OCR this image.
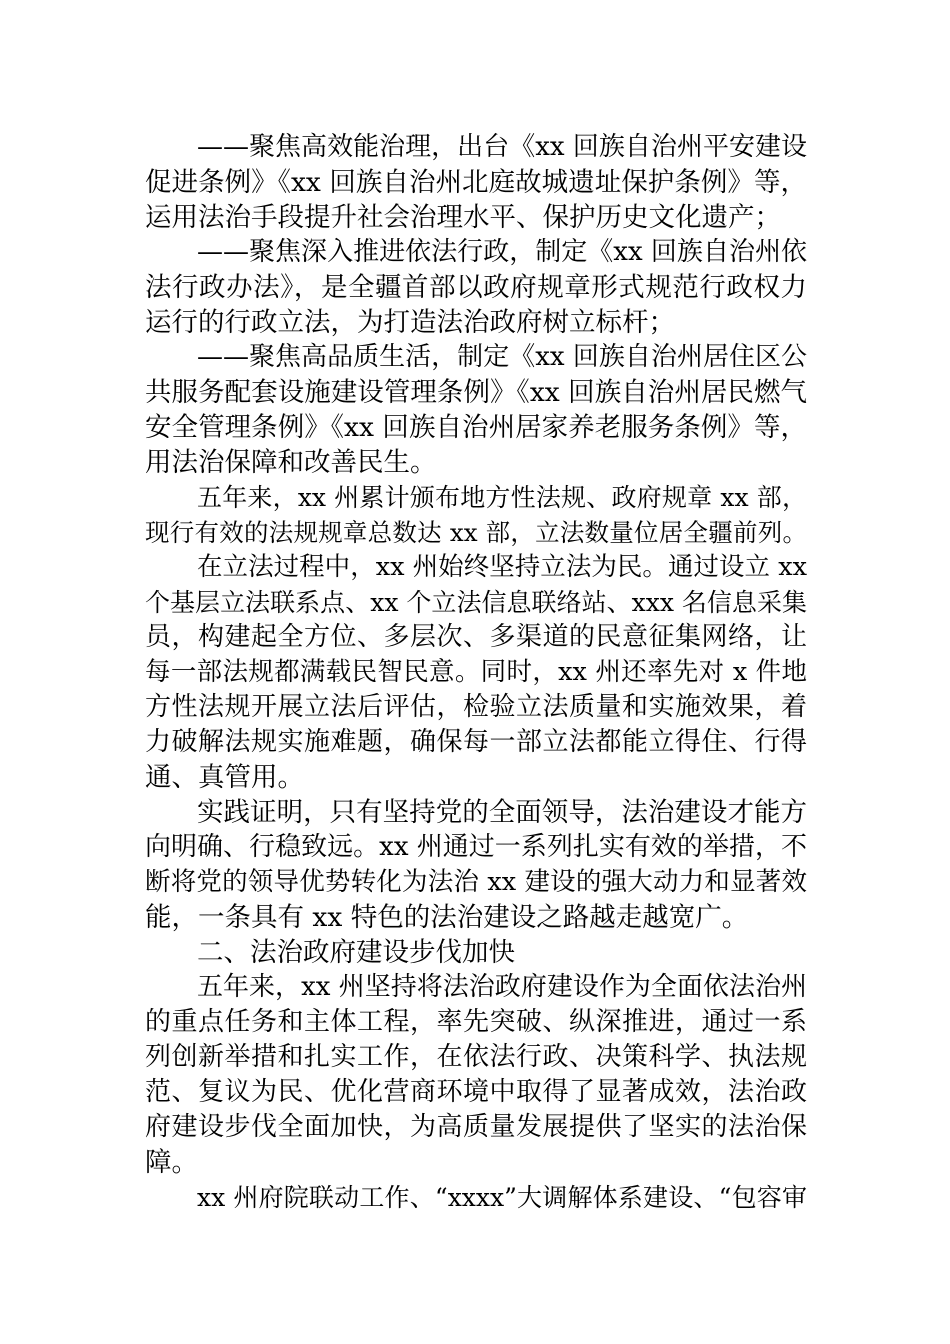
——聚焦高效能治理，出台《xx 回族自治州平安建设
促进条例》《xx 回族自治州北庭故城遗址保护条例》等，
运用法治手段提升社会治理水平、保护历史文化遗产；
——聚焦深入推进依法行政，制定《xx 回族自治州依
法行政办法》，是全疆首部以政府规章形式规范行政权力
运行的行政立法，为打造法治政府树立标杆；
——聚焦高品质生活，制定《xx 回族自治州居住区公
共服务配套设施建设管理条例》《xx 回族自治州居民燃气
安全管理条例》《xx 回族自治州居家养老服务条例》等，
用法治保障和改善民生。
五年来，xx 州累计颁布地方性法规、政府规章 xx 部，
现行有效的法规规章总数达 xx 部，立法数量位居全疆前列。
在立法过程中，xx 州始终坚持立法为民。通过设立 xx
个基层立法联系点、xx 个立法信息联络站、xxx 名信息采集
员，构建起全方位、多层次、多渠道的民意征集网络，让
每一部法规都满载民智民意。同时，xx 州还率先对 x 件地
方性法规开展立法后评估，检验立法质量和实施效果，着
力破解法规实施难题，确保每一部立法都能立得住、行得
通、真管用。
实践证明，只有坚持党的全面领导，法治建设才能方
向明确、行稳致远。xx 州通过一系列扎实有效的举措，不
断将党的领导优势转化为法治 xx 建设的强大动力和显著效
能，一条具有 xx 特色的法治建设之路越走越宽广。
二、法治政府建设步伐加快
五年来，xx 州坚持将法治政府建设作为全面依法治州
的重点任务和主体工程，率先突破、纵深推进，通过一系
列创新举措和扎实工作，在依法行政、决策科学、执法规
范、复议为民、优化营商环境中取得了显著成效，法治政
府建设步伐全面加快，为高质量发展提供了坚实的法治保
障。
xx 州府院联动工作、“xxxx”大调解体系建设、“包容审
